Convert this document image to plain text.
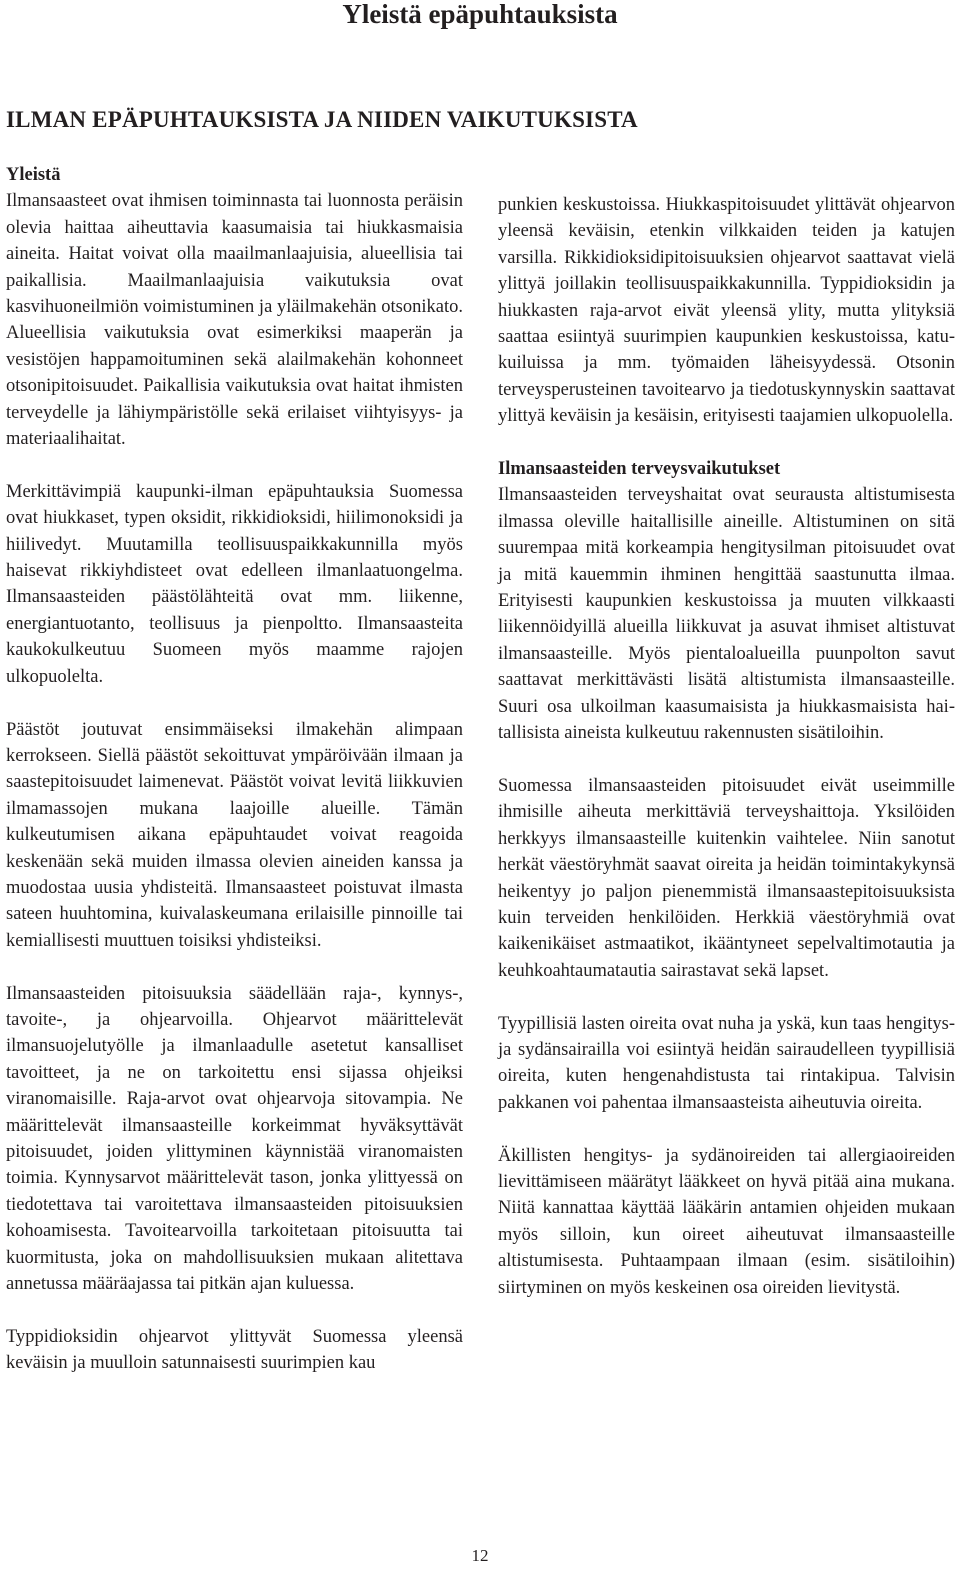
Yleistä epäpuhtauksista
ILMAN EPÄPUHTAUKSISTA JA NIIDEN VAIKUTUKSISTA

Yleistä
Ilmansaasteet ovat ihmisen toiminnasta tai luonnosta peräisin olevia haittaa aiheuttavia kaasumaisia tai hiukkasmaisia aineita. Haitat voivat olla maailmanlaajuisia, alueellisia tai paikallisia. Maailmanlaajuisia vaikutuksia ovat kasvihuoneilmiön voimistuminen ja yläilmakehän otsonikato. Alueellisia vaikutuksia ovat esimerkiksi maaperän ja vesistöjen happamoituminen sekä alailmakehän kohonneet otsonipitoisuudet. Paikallisia vaikutuksia ovat haitat ihmisten terveydelle ja lähiympäristölle sekä erilaiset viihtyisyys- ja materiaalihaitat.

Merkittävimpiä kaupunki-ilman epäpuhtauksia Suomessa ovat hiukkaset, typen oksidit, rikkidioksidi, hiilimonoksidi ja hiilivedyt. Muutamilla teollisuuspaikkakunnilla myös haisevat rikkiyhdisteet ovat edelleen ilmanlaatuongelma. Ilmansaasteiden päästölähteitä ovat mm. liikenne, energiantuotanto, teollisuus ja pienpoltto. Ilmansaasteita kaukokulkeutuu Suomeen myös maamme rajojen ulkopuolelta.

Päästöt joutuvat ensimmäiseksi ilmakehän alimpaan kerrokseen. Siellä päästöt sekoittuvat ympäröivään ilmaan ja saastepitoisuudet laimenevat. Päästöt voivat levitä liikkuvien ilmamassojen mukana laajoille alueille. Tämän kulkeutumisen aikana epäpuhtaudet voivat reagoida keskenään sekä muiden ilmassa olevien aineiden kanssa ja muodostaa uusia yhdisteitä. Ilmansaasteet poistuvat ilmasta sateen huuhtomina, kuivalaskeumana erilaisille pinnoille tai kemiallisesti muuttuen toisiksi yhdisteiksi.

Ilmansaasteiden pitoisuuksia säädellään raja-, kynnys-, tavoite-, ja ohjearvoilla. Ohjearvot määrittelevät ilmansuojelutyölle ja ilmanlaadulle asetetut kansalliset tavoitteet, ja ne on tarkoitettu ensi sijassa ohjeiksi viranomaisille. Raja-arvot ovat ohjearvoja sitovampia. Ne määrittelevät ilmansaasteille korkeimmat hyväksyttävät pitoisuudet, joiden ylittyminen käynnistää viranomaisten toimia. Kynnysarvot määrittelevät tason, jonka ylittyessä on tiedotettava tai varoitettava ilmansaasteiden pitoisuuksien kohoamisesta. Tavoitearvoilla tarkoitetaan pitoisuutta tai kuormitusta, joka on mahdollisuuksien mukaan alitettava annetussa määräajassa tai pitkän ajan kuluessa.

Typpidioksidin ohjearvot ylittyvät Suomessa yleensä keväisin ja muulloin satunnaisesti suurimpien kau

punkien keskustoissa. Hiukkaspitoisuudet ylittävät ohjearvon yleensä keväisin, etenkin vilkkaiden teiden ja katujen varsilla. Rikkidioksidipitoisuuksien ohjearvot saattavat vielä ylittyä joillakin teollisuuspaikkakunnilla. Typpidioksidin ja hiukkasten raja-arvot eivät yleensä ylity, mutta ylityksiä saattaa esiintyä suurimpien kaupunkien keskustoissa, katukuiluissa ja mm. työmaiden läheisyydessä. Otsonin terveysperusteinen tavoitearvo ja tiedotuskynnyskin saattavat ylittyä keväisin ja kesäisin, erityisesti taajamien ulkopuolella.

Ilmansaasteiden terveysvaikutukset
Ilmansaasteiden terveyshaitat ovat seurausta altistumisesta ilmassa oleville haitallisille aineille. Altistuminen on sitä suurempaa mitä korkeampia hengitysilman pitoisuudet ovat ja mitä kauemmin ihminen hengittää saastunutta ilmaa. Erityisesti kaupunkien keskustoissa ja muuten vilkkaasti liikennöidyillä alueilla liikkuvat ja asuvat ihmiset altistuvat ilmansaasteille. Myös pientaloalueilla puunpolton savut saattavat merkittävästi lisätä altistumista ilmansaasteille. Suuri osa ulkoilman kaasumaisista ja hiukkasmaisista haitallisista aineista kulkeutuu rakennusten sisätiloihin.

Suomessa ilmansaasteiden pitoisuudet eivät useimmille ihmisille aiheuta merkittäviä terveyshaittoja. Yksilöiden herkkyys ilmansaasteille kuitenkin vaihtelee. Niin sanotut herkät väestöryhmät saavat oireita ja heidän toimintakykynsä heikentyy jo paljon pienemmistä ilmansaastepitoisuuksista kuin terveiden henkilöiden. Herkkiä väestöryhmiä ovat kaikenikäiset astmaatikot, ikääntyneet sepelvaltimotautia ja keuhkoahtaumatautia sairastavat sekä lapset.

Tyypillisiä lasten oireita ovat nuha ja yskä, kun taas hengitys- ja sydänsairailla voi esiintyä heidän sairaudelleen tyypillisiä oireita, kuten hengenahdistusta tai rintakipua. Talvisin pakkanen voi pahentaa ilmansaasteista aiheutuvia oireita.

Äkillisten hengitys- ja sydänoireiden tai allergiaoireiden lievittämiseen määrätyt lääkkeet on hyvä pitää aina mukana. Niitä kannattaa käyttää lääkärin antamien ohjeiden mukaan myös silloin, kun oireet aiheutuvat ilmansaasteille altistumisesta. Puhtaampaan ilmaan (esim. sisätiloihin) siirtyminen on myös keskeinen osa oireiden lievitystä.

12
